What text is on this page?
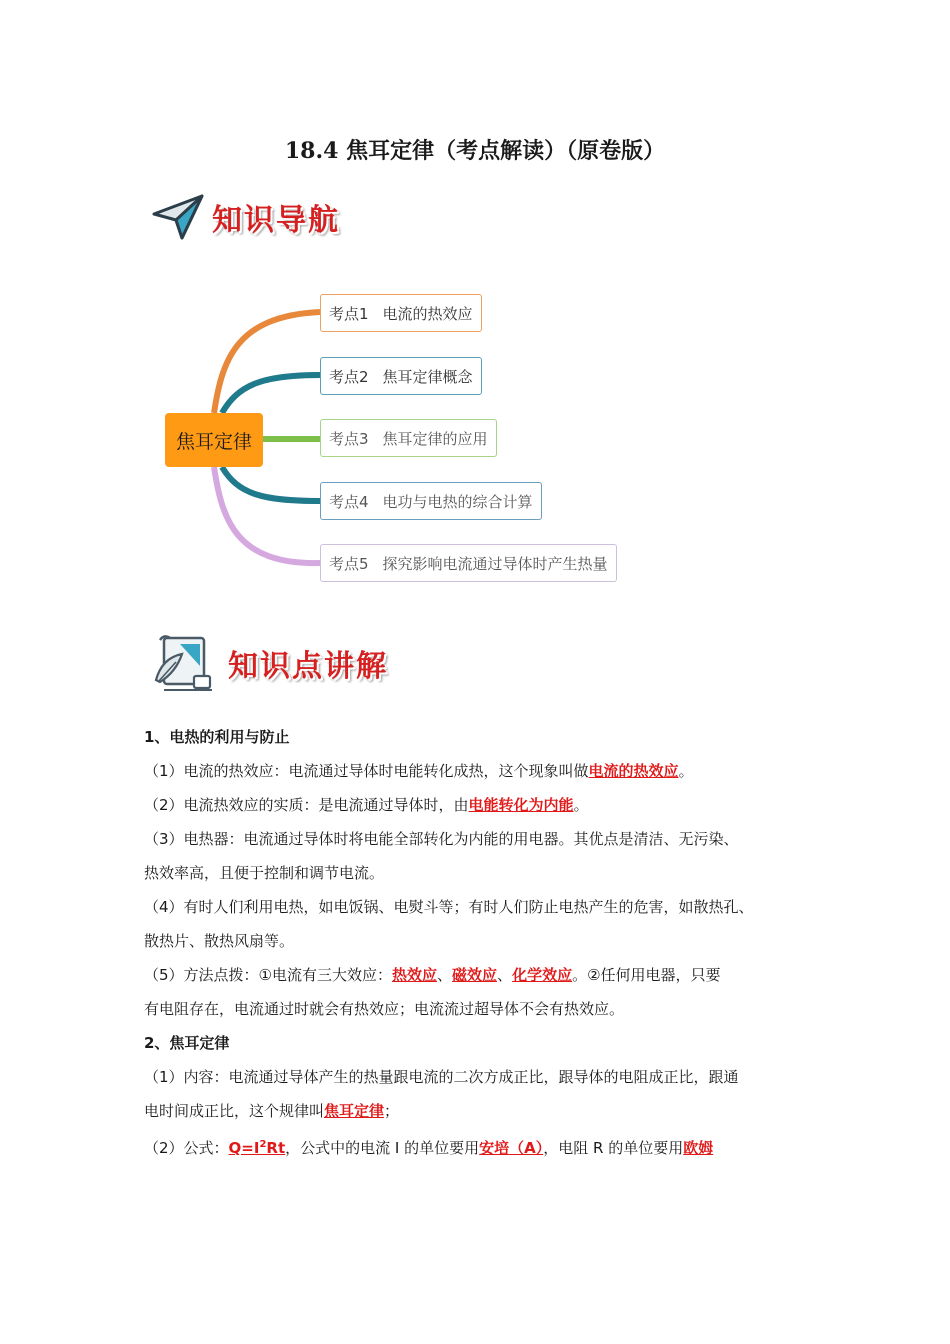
18.4 焦耳定律（考点解读）（原卷版）
知识导航
焦耳定律
考点1 电流的热效应
考点2 焦耳定律概念
考点3 焦耳定律的应用
考点4 电功与电热的综合计算
考点5 探究影响电流通过导体时产生热量
知识点讲解

1、电热的利用与防止

（1）电流的热效应：电流通过导体时电能转化成热，这个现象叫做电流的热效应。

（2）电流热效应的实质：是电流通过导体时，由电能转化为内能。

（3）电热器：电流通过导体时将电能全部转化为内能的用电器。其优点是清洁、无污染、

热效率高，且便于控制和调节电流。

（4）有时人们利用电热，如电饭锅、电熨斗等；有时人们防止电热产生的危害，如散热孔、

散热片、散热风扇等。

（5）方法点拨：①电流有三大效应：热效应、磁效应、化学效应。②任何用电器，只要

有电阻存在，电流通过时就会有热效应；电流流过超导体不会有热效应。

2、焦耳定律

（1）内容：电流通过导体产生的热量跟电流的二次方成正比，跟导体的电阻成正比，跟通

电时间成正比，这个规律叫焦耳定律；

（2）公式：$Q=I^2Rt$，公式中的电流 I 的单位要用安培（A），电阻 R 的单位要用欧姆
